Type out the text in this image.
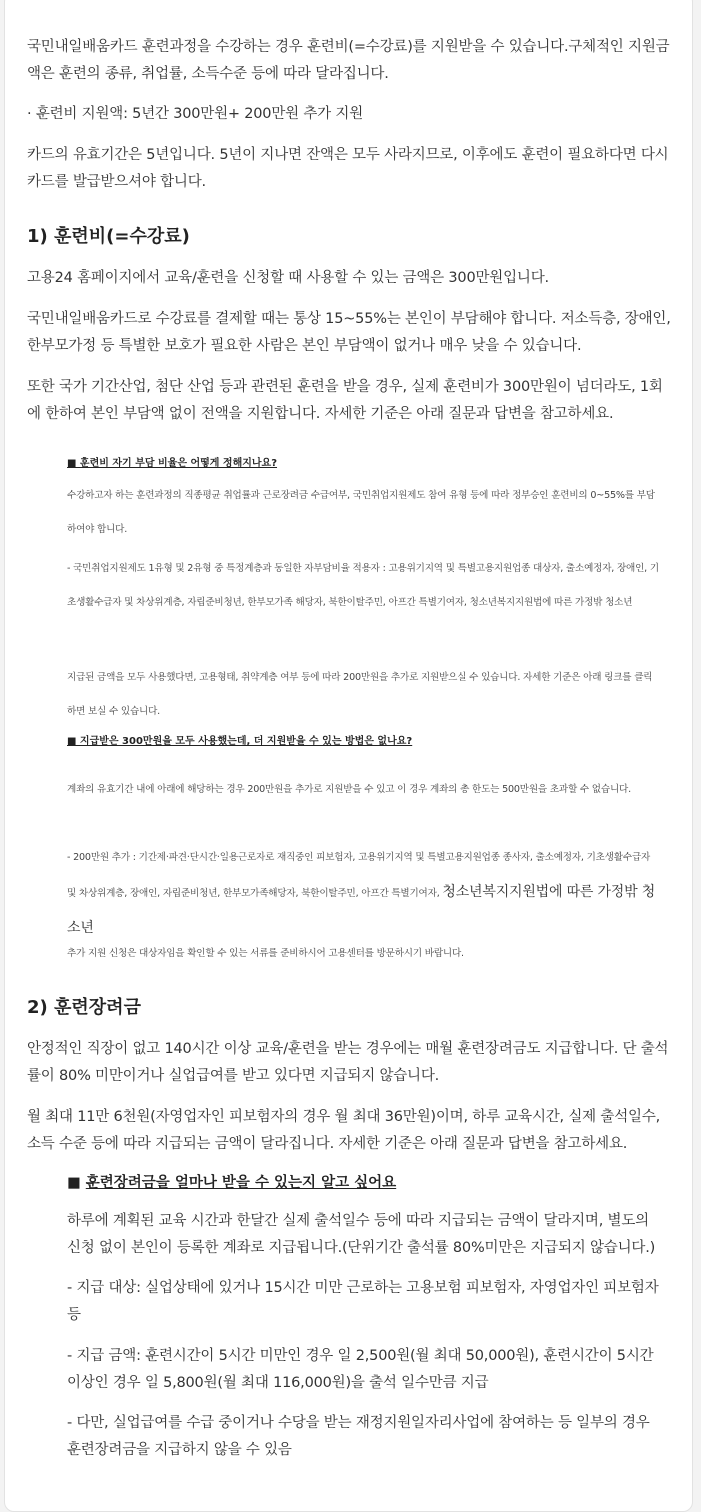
국민내일배움카드 훈련과정을 수강하는 경우 훈련비(=수강료)를 지원받을 수 있습니다.구체적인 지원금액은 훈련의 종류, 취업률, 소득수준 등에 따라 달라집니다.
· 훈련비 지원액: 5년간 300만원+ 200만원 추가 지원
카드의 유효기간은 5년입니다. 5년이 지나면 잔액은 모두 사라지므로, 이후에도 훈련이 필요하다면 다시 카드를 발급받으셔야 합니다.
1) 훈련비(=수강료)
고용24 홈페이지에서 교육/훈련을 신청할 때 사용할 수 있는 금액은 300만원입니다.
국민내일배움카드로 수강료를 결제할 때는 통상 15~55%는 본인이 부담해야 합니다. 저소득층, 장애인, 한부모가정 등 특별한 보호가 필요한 사람은 본인 부담액이 없거나 매우 낮을 수 있습니다.
또한 국가 기간산업, 첨단 산업 등과 관련된 훈련을 받을 경우, 실제 훈련비가 300만원이 넘더라도, 1회에 한하여 본인 부담액 없이 전액을 지원합니다. 자세한 기준은 아래 질문과 답변을 참고하세요.
■ 훈련비 자기 부담 비율은 어떻게 정해지나요?
수강하고자 하는 훈련과정의 직종평균 취업률과 근로장려금 수급여부, 국민취업지원제도 참여 유형 등에 따라 정부승인 훈련비의 0~55%를 부담하여야 합니다.
- 국민취업지원제도 1유형 및 2유형 중 특정계층과 동일한 자부담비율 적용자 : 고용위기지역 및 특별고용지원업종 대상자, 출소예정자, 장애인, 기초생활수급자 및 차상위계층, 자립준비청년, 한부모가족 해당자, 북한이탈주민, 아프간 특별기여자, 청소년복지지원법에 따른 가정밖 청소년
지급된 금액을 모두 사용했다면, 고용형태, 취약계층 여부 등에 따라 200만원을 추가로 지원받으실 수 있습니다. 자세한 기준은 아래 링크를 클릭하면 보실 수 있습니다.
■ 지급받은 300만원을 모두 사용했는데, 더 지원받을 수 있는 방법은 없나요?
계좌의 유효기간 내에 아래에 해당하는 경우 200만원을 추가로 지원받을 수 있고 이 경우 계좌의 총 한도는 500만원을 초과할 수 없습니다.
- 200만원 추가 : 기간제·파견·단시간·일용근로자로 재직중인 피보험자, 고용위기지역 및 특별고용지원업종 종사자, 출소예정자, 기초생활수급자 및 차상위계층, 장애인, 자립준비청년, 한부모가족해당자, 북한이탈주민, 아프간 특별기여자, 청소년복지지원법에 따른 가정밖 청소년
추가 지원 신청은 대상자임을 확인할 수 있는 서류를 준비하시어 고용센터를 방문하시기 바랍니다.
2) 훈련장려금
안정적인 직장이 없고 140시간 이상 교육/훈련을 받는 경우에는 매월 훈련장려금도 지급합니다. 단 출석률이 80% 미만이거나 실업급여를 받고 있다면 지급되지 않습니다.
월 최대 11만 6천원(자영업자인 피보험자의 경우 월 최대 36만원)이며, 하루 교육시간, 실제 출석일수, 소득 수준 등에 따라 지급되는 금액이 달라집니다. 자세한 기준은 아래 질문과 답변을 참고하세요.
■ 훈련장려금을 얼마나 받을 수 있는지 알고 싶어요
하루에 계획된 교육 시간과 한달간 실제 출석일수 등에 따라 지급되는 금액이 달라지며, 별도의 신청 없이 본인이 등록한 계좌로 지급됩니다.(단위기간 출석률 80%미만은 지급되지 않습니다.)
- 지급 대상: 실업상태에 있거나 15시간 미만 근로하는 고용보험 피보험자, 자영업자인 피보험자 등
- 지급 금액: 훈련시간이 5시간 미만인 경우 일 2,500원(월 최대 50,000원), 훈련시간이 5시간 이상인 경우 일 5,800원(월 최대 116,000원)을 출석 일수만큼 지급
- 다만, 실업급여를 수급 중이거나 수당을 받는 재정지원일자리사업에 참여하는 등 일부의 경우 훈련장려금을 지급하지 않을 수 있음
